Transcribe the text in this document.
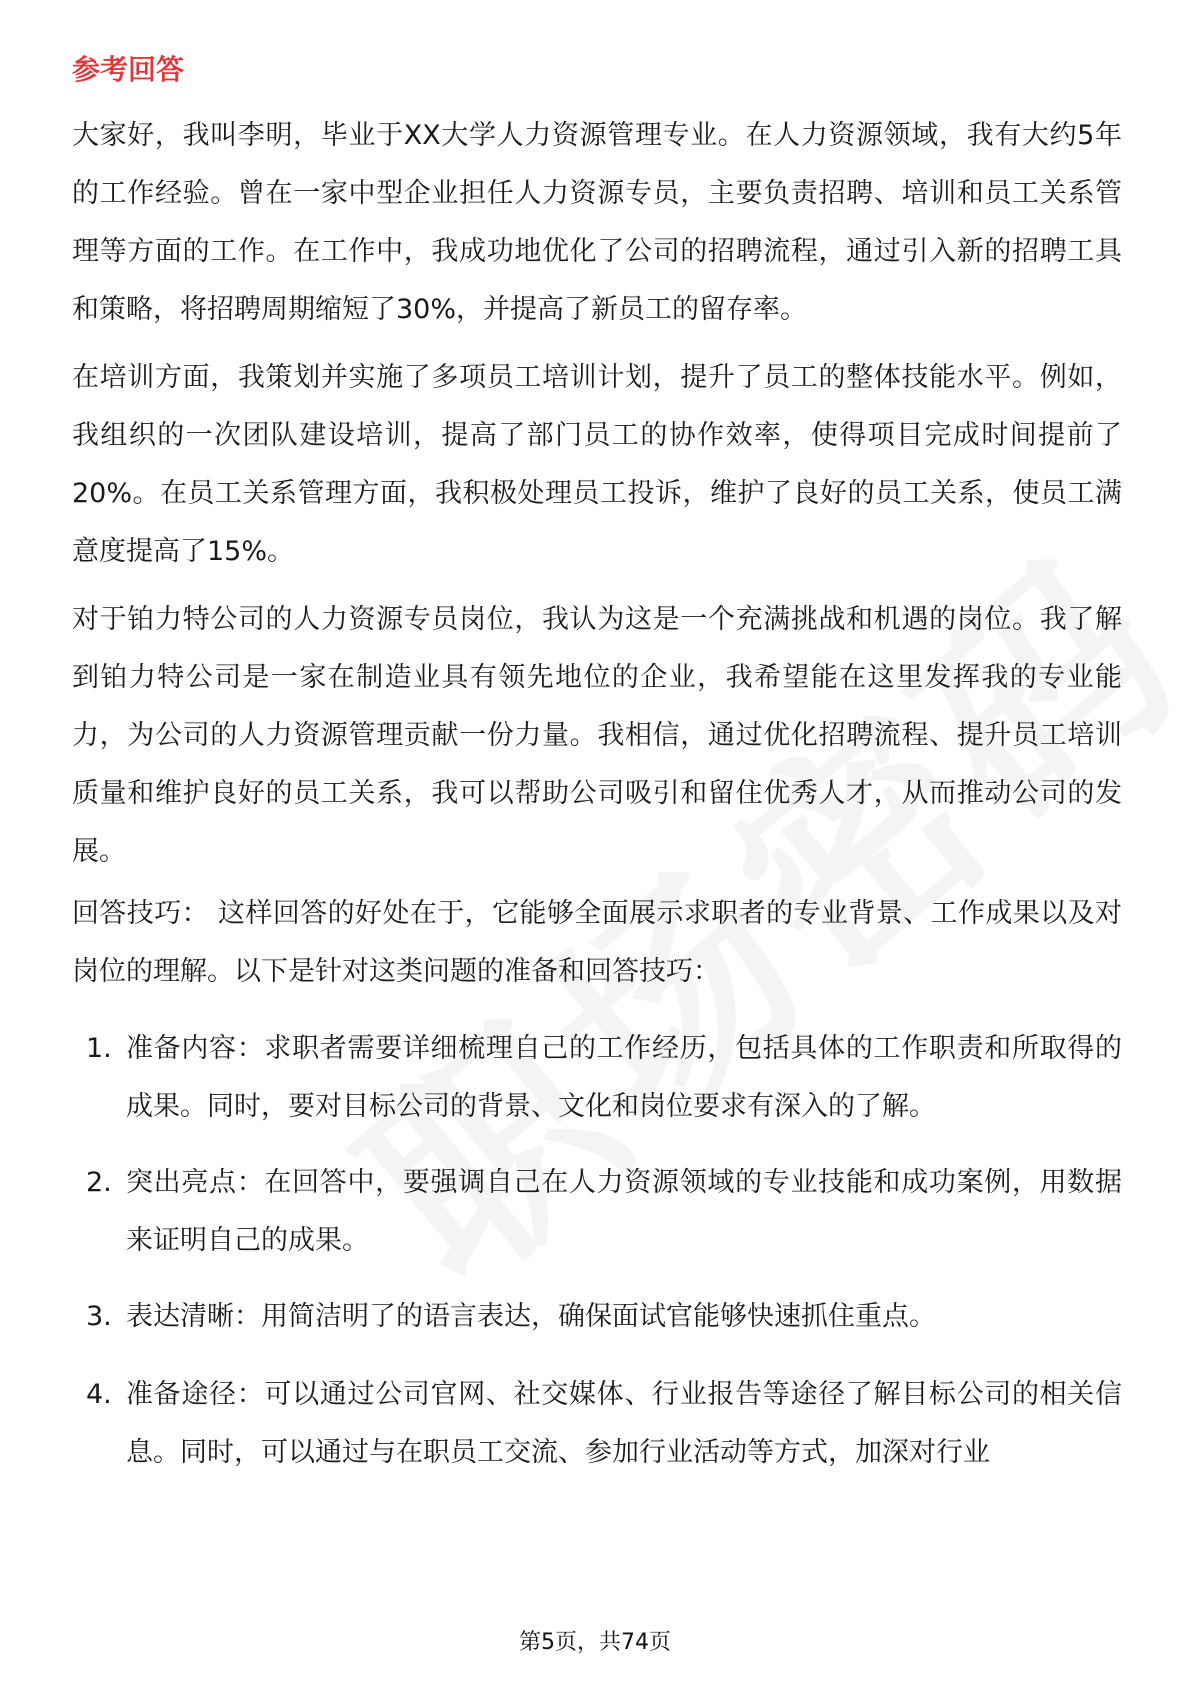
参考回答

大家好，我叫李明，毕业于XX大学人力资源管理专业。在人力资源领域，我有大约5年的工作经验。曾在一家中型企业担任人力资源专员，主要负责招聘、培训和员工关系管理等方面的工作。在工作中，我成功地优化了公司的招聘流程，通过引入新的招聘工具和策略，将招聘周期缩短了30%，并提高了新员工的留存率。

在培训方面，我策划并实施了多项员工培训计划，提升了员工的整体技能水平。例如，我组织的一次团队建设培训，提高了部门员工的协作效率，使得项目完成时间提前了20%。在员工关系管理方面，我积极处理员工投诉，维护了良好的员工关系，使员工满意度提高了15%。

对于铂力特公司的人力资源专员岗位，我认为这是一个充满挑战和机遇的岗位。我了解到铂力特公司是一家在制造业具有领先地位的企业，我希望能在这里发挥我的专业能力，为公司的人力资源管理贡献一份力量。我相信，通过优化招聘流程、提升员工培训质量和维护良好的员工关系，我可以帮助公司吸引和留住优秀人才，从而推动公司的发展。

回答技巧： 这样回答的好处在于，它能够全面展示求职者的专业背景、工作成果以及对岗位的理解。以下是针对这类问题的准备和回答技巧：

1. 准备内容：求职者需要详细梳理自己的工作经历，包括具体的工作职责和所取得的成果。同时，要对目标公司的背景、文化和岗位要求有深入的了解。
2. 突出亮点：在回答中，要强调自己在人力资源领域的专业技能和成功案例，用数据来证明自己的成果。
3. 表达清晰：用简洁明了的语言表达，确保面试官能够快速抓住重点。
4. 准备途径：可以通过公司官网、社交媒体、行业报告等途径了解目标公司的相关信息。同时，可以通过与在职员工交流、参加行业活动等方式，加深对行业
第5页，共74页
